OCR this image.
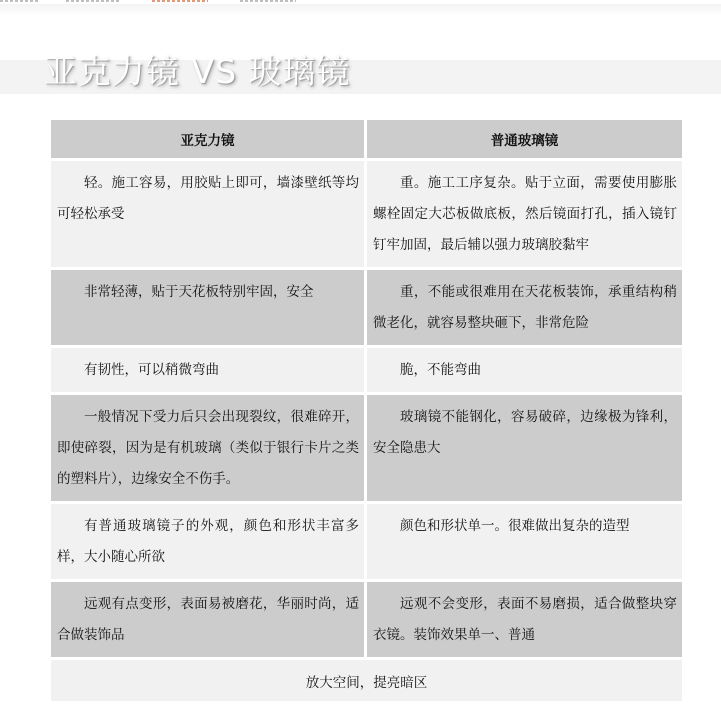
亚克力镜 VS 玻璃镜
亚克力镜	普通玻璃镜

轻。施工容易，用胶贴上即可，墙漆壁纸等均可轻松承受	重。施工工序复杂。贴于立面，需要使用膨胀螺栓固定大芯板做底板，然后镜面打孔，插入镜钉钉牢加固，最后辅以强力玻璃胶黏牢

非常轻薄，贴于天花板特别牢固，安全	重，不能或很难用在天花板装饰，承重结构稍微老化，就容易整块砸下，非常危险

有韧性，可以稍微弯曲	脆，不能弯曲

一般情况下受力后只会出现裂纹，很难碎开，即使碎裂，因为是有机玻璃（类似于银行卡片之类的塑料片），边缘安全不伤手。	玻璃镜不能钢化，容易破碎，边缘极为锋利，安全隐患大

有普通玻璃镜子的外观，颜色和形状丰富多样，大小随心所欲	颜色和形状单一。很难做出复杂的造型

远观有点变形，表面易被磨花，华丽时尚，适合做装饰品	远观不会变形，表面不易磨损，适合做整块穿衣镜。装饰效果单一、普通

放大空间，提亮暗区	
